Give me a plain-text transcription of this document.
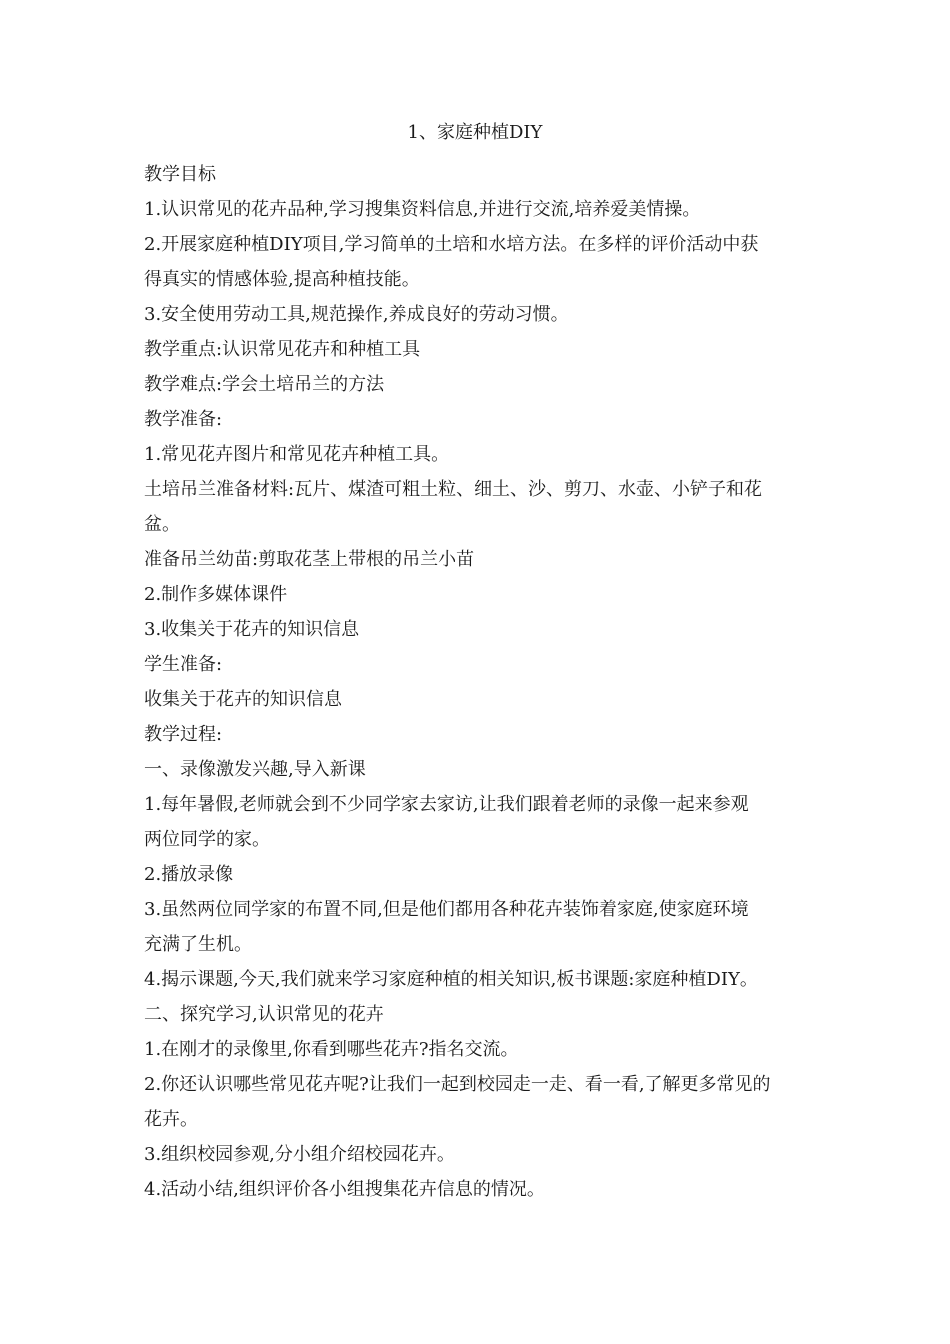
1、家庭种植DIY

教学目标

1.认识常见的花卉品种,学习搜集资料信息,并进行交流,培养爱美情操。

2.开展家庭种植DIY项目,学习简单的土培和水培方法。在多样的评价活动中获

得真实的情感体验,提高种植技能。

3.安全使用劳动工具,规范操作,养成良好的劳动习惯。

教学重点:认识常见花卉和种植工具

教学难点:学会土培吊兰的方法

教学准备:

1.常见花卉图片和常见花卉种植工具。

土培吊兰准备材料:瓦片、煤渣可粗土粒、细土、沙、剪刀、水壶、小铲子和花

盆。

准备吊兰幼苗:剪取花茎上带根的吊兰小苗

2.制作多媒体课件

3.收集关于花卉的知识信息

学生准备:

收集关于花卉的知识信息

教学过程:

一、录像激发兴趣,导入新课

1.每年暑假,老师就会到不少同学家去家访,让我们跟着老师的录像一起来参观

两位同学的家。

2.播放录像

3.虽然两位同学家的布置不同,但是他们都用各种花卉装饰着家庭,使家庭环境

充满了生机。

4.揭示课题,今天,我们就来学习家庭种植的相关知识,板书课题:家庭种植DIY。

二、探究学习,认识常见的花卉

1.在刚才的录像里,你看到哪些花卉?指名交流。

2.你还认识哪些常见花卉呢?让我们一起到校园走一走、看一看,了解更多常见的

花卉。

3.组织校园参观,分小组介绍校园花卉。

4.活动小结,组织评价各小组搜集花卉信息的情况。
